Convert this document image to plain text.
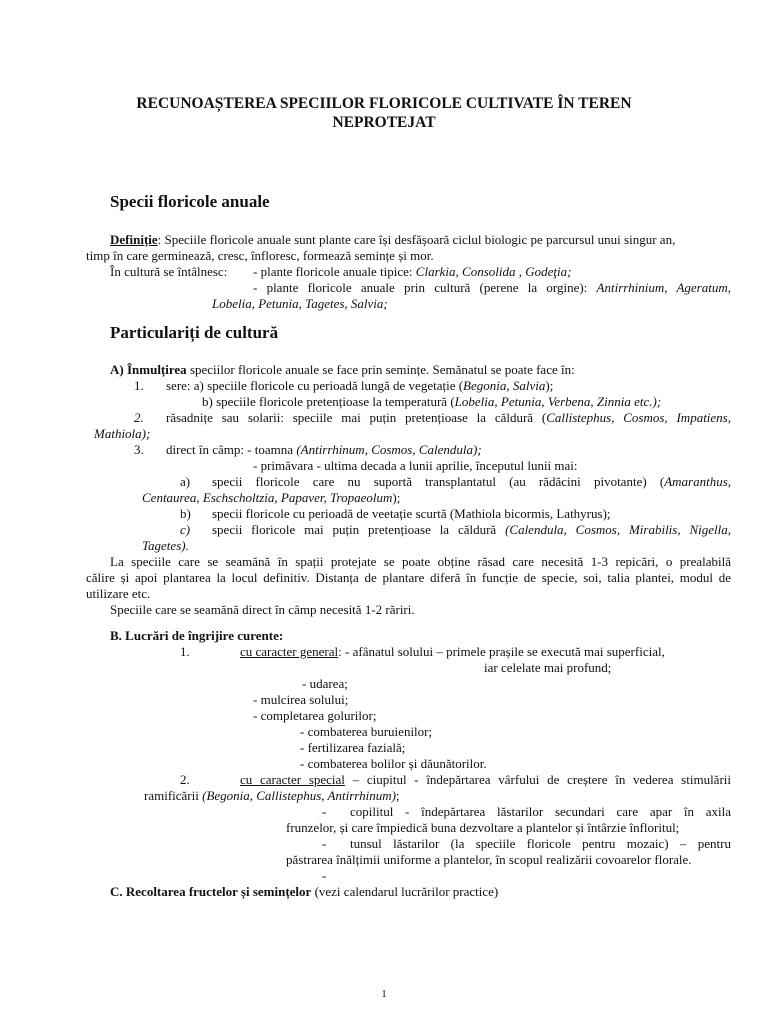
RECUNOAȘTEREA SPECIILOR FLORICOLE CULTIVATE ÎN TEREN
NEPROTEJAT
Specii floricole anuale
Definiție: Speciile floricole anuale sunt plante care își desfășoară ciclul biologic pe parcursul unui singur an,
timp în care germinează, cresc, înfloresc, formează semințe și mor.
În cultură se întâlnesc: - plante floricole anuale tipice: Clarkia, Consolida , Godeţia;
- plante floricole anuale prin cultură (perene la orgine): Antirrhinium, Ageratum,
Lobelia, Petunia, Tagetes, Salvia;
Particulariți de cultură
A) Înmulțirea speciilor floricole anuale se face prin semințe. Semănatul se poate face în:
1. sere: a) speciile floricole cu perioadă lungă de vegetație (Begonia, Salvia);
b) speciile floricole pretențioase la temperatură (Lobelia, Petunia, Verbena, Zinnia etc.);
2. răsadnițe sau solarii: speciile mai puțin pretențioase la căldură (Callistephus, Cosmos, Impatiens,
Mathiola);
3. direct în câmp: - toamna (Antirrhinum, Cosmos, Calendula);
- primăvara - ultima decada a lunii aprilie, începutul lunii mai:
a) specii floricole care nu suportă transplantatul (au rădăcini pivotante) (Amaranthus,
Centaurea, Eschscholtzia, Papaver, Tropaeolum);
b) specii floricole cu perioadă de veetație scurtă (Mathiola bicormis, Lathyrus);
c) specii floricole mai puțin pretențioase la căldură (Calendula, Cosmos, Mirabilis, Nigella,
Tagetes).
La speciile care se seamănă în spații protejate se poate obține răsad care necesită 1-3 repicări, o prealabilă
călire și apoi plantarea la locul definitiv. Distanța de plantare diferă în funcție de specie, soi, talia plantei, modul de
utilizare etc.
Speciile care se seamănă direct în câmp necesită 1-2 răriri.
B. Lucrări de îngrijire curente:
1.	cu caracter general: - afânatul solului – primele prașile se execută mai superficial,
iar celelate mai profund;
- udarea;
- mulcirea solului;
- completarea golurilor;
- combaterea buruienilor;
- fertilizarea fazială;
- combaterea bolilor și dăunătorilor.
2.	cu caracter special – ciupitul - îndepărtarea vârfului de creștere în vederea stimulării
ramificării (Begonia, Callistephus, Antirrhinum);
- copilitul - îndepărtarea lăstarilor secundari care apar în axila
frunzelor, și care împiedică buna dezvoltare a plantelor și întârzie înfloritul;
- tunsul lăstarilor (la speciile floricole pentru mozaic) – pentru
păstrarea înălțimii uniforme a plantelor, în scopul realizării covoarelor florale.
-
C. Recoltarea fructelor și semințelor (vezi calendarul lucrărilor practice)
1
